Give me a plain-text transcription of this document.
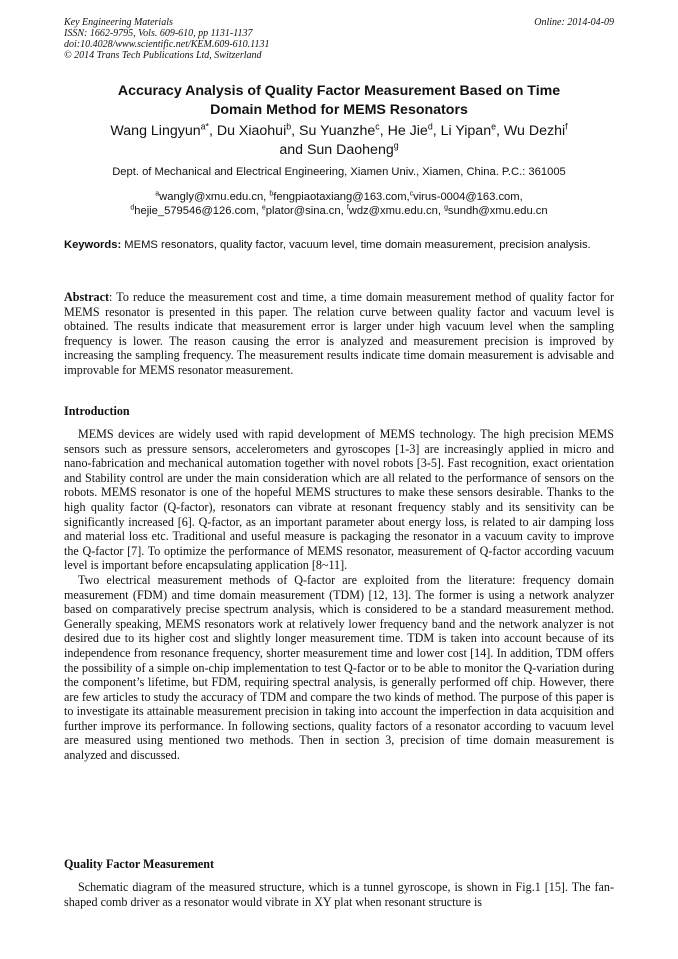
Key Engineering Materials
ISSN: 1662-9795, Vols. 609-610, pp 1131-1137
doi:10.4028/www.scientific.net/KEM.609-610.1131
© 2014 Trans Tech Publications Ltd, Switzerland
Online: 2014-04-09
Accuracy Analysis of Quality Factor Measurement Based on Time
Domain Method for MEMS Resonators
Wang Lingyun$^{a*}$, Du Xiaohui$^b$, Su Yuanzhe$^c$, He Jie$^d$, Li Yipan$^e$, Wu Dezhi$^f$
and Sun Daoheng$^g$
Dept. of Mechanical and Electrical Engineering, Xiamen Univ., Xiamen, China. P.C.: 361005
$^a$wangly@xmu.edu.cn, $^b$fengpiaotaxiang@163.com,$^c$virus-0004@163.com,
$^d$hejie_579546@126.com, $^e$plator@sina.cn, $^f$wdz@xmu.edu.cn, $^g$sundh@xmu.edu.cn
Keywords: MEMS resonators, quality factor, vacuum level, time domain measurement, precision analysis.
Abstract: To reduce the measurement cost and time, a time domain measurement method of quality factor for MEMS resonator is presented in this paper. The relation curve between quality factor and vacuum level is obtained. The results indicate that measurement error is larger under high vacuum level when the sampling frequency is lower. The reason causing the error is analyzed and measurement precision is improved by increasing the sampling frequency. The measurement results indicate time domain measurement is advisable and improvable for MEMS resonator measurement.
Introduction

MEMS devices are widely used with rapid development of MEMS technology. The high precision MEMS sensors such as pressure sensors, accelerometers and gyroscopes [1-3] are increasingly applied in micro and nano-fabrication and mechanical automation together with novel robots [3-5]. Fast recognition, exact orientation and Stability control are under the main consideration which are all related to the performance of sensors on the robots. MEMS resonator is one of the hopeful MEMS structures to make these sensors desirable. Thanks to the high quality factor (Q-factor), resonators can vibrate at resonant frequency stably and its sensitivity can be significantly increased [6]. Q-factor, as an important parameter about energy loss, is related to air damping loss and material loss etc. Traditional and useful measure is packaging the resonator in a vacuum cavity to improve the Q-factor [7]. To optimize the performance of MEMS resonator, measurement of Q-factor according vacuum level is important before encapsulating application [8~11].

Two electrical measurement methods of Q-factor are exploited from the literature: frequency domain measurement (FDM) and time domain measurement (TDM) [12, 13]. The former is using a network analyzer based on comparatively precise spectrum analysis, which is considered to be a standard measurement method. Generally speaking, MEMS resonators work at relatively lower frequency band and the network analyzer is not desired due to its higher cost and slightly longer measurement time. TDM is taken into account because of its independence from resonance frequency, shorter measurement time and lower cost [14]. In addition, TDM offers the possibility of a simple on-chip implementation to test Q-factor or to be able to monitor the Q-variation during the component’s lifetime, but FDM, requiring spectral analysis, is generally performed off chip. However, there are few articles to study the accuracy of TDM and compare the two kinds of method. The purpose of this paper is to investigate its attainable measurement precision in taking into account the imperfection in data acquisition and further improve its performance. In following sections, quality factors of a resonator according to vacuum level are measured using mentioned two methods. Then in section 3, precision of time domain measurement is analyzed and discussed.

Quality Factor Measurement

Schematic diagram of the measured structure, which is a tunnel gyroscope, is shown in Fig.1 [15]. The fan-shaped comb driver as a resonator would vibrate in XY plat when resonant structure is
